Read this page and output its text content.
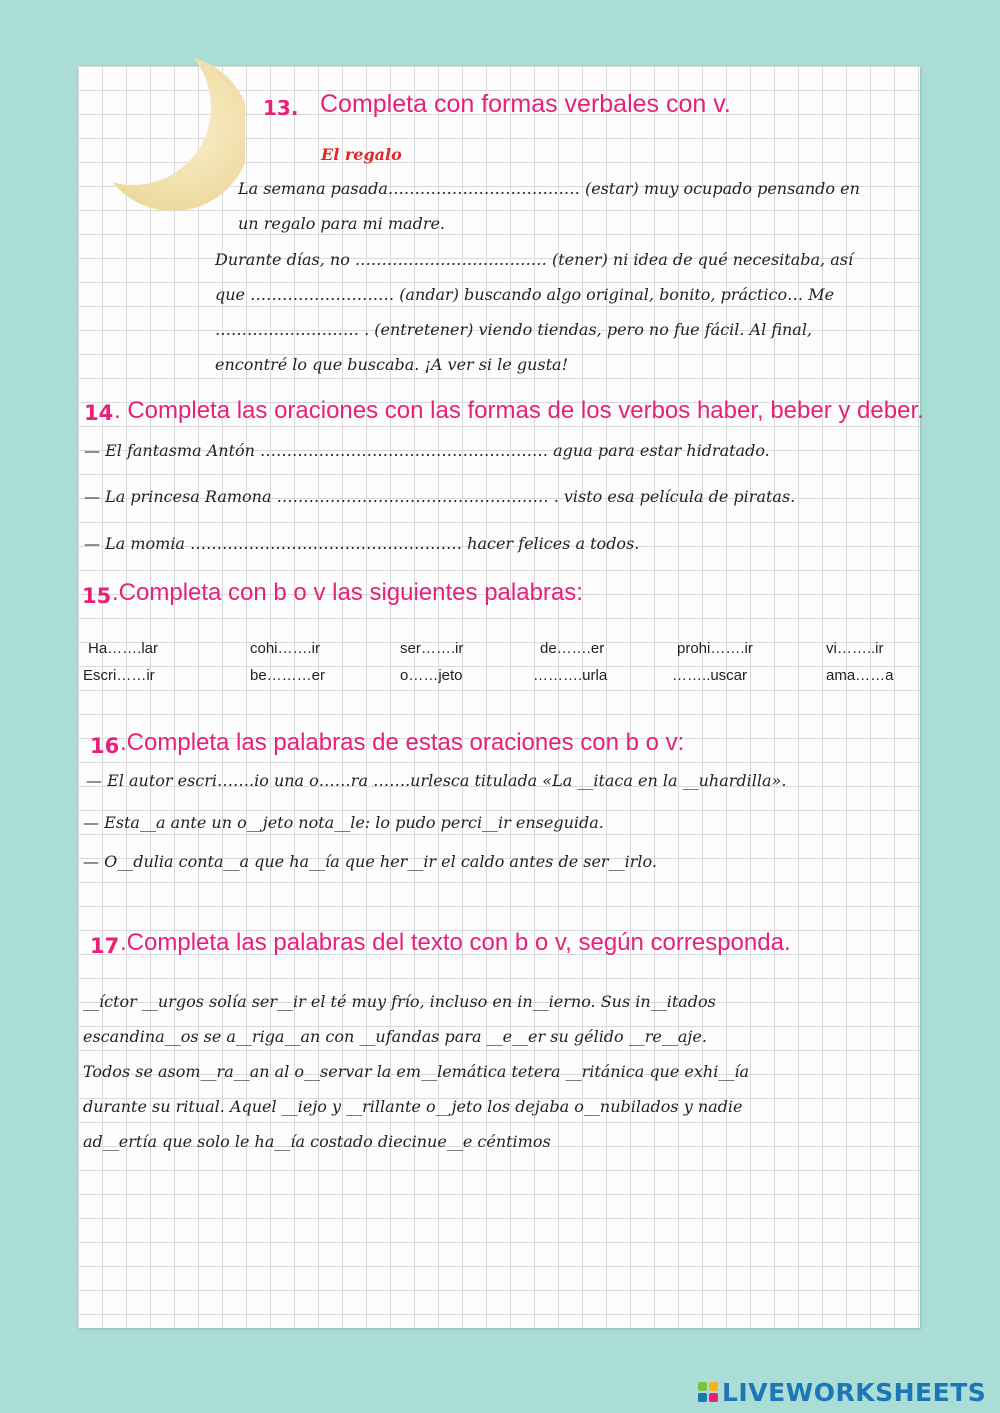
13. Completa con formas verbales con v.
El regalo
La semana pasada……………………………… (estar) muy ocupado pensando en
un regalo para mi madre.
Durante días, no ……………………………… (tener) ni idea de qué necesitaba, así
que ……………………… (andar) buscando algo original, bonito, práctico… Me
……………………… . (entretener) viendo tiendas, pero no fue fácil. Al final,
encontré lo que buscaba. ¡A ver si le gusta!
14 . Completa las oraciones con las formas de los verbos haber, beber y deber.
— El fantasma Antón ……………………………………………… agua para estar hidratado.
— La princesa Ramona …………………………………………… . visto esa película de piratas.
— La momia …………………………………………… hacer felices a todos.
15 .Completa con b o v las siguientes palabras:
Ha…….lar	cohi…….ir	ser…….ir	de…….er	prohi…….ir	vi……..ir
Escri……ir	be………er	o……jeto	……….urla	……..uscar	ama……a
16 .Completa las palabras de estas oraciones con b o v:
— El autor escri…….io una o……ra …….urlesca titulada «La __itaca en la __uhardilla».
— Esta__a ante un o__jeto nota__le: lo pudo perci__ir enseguida.
— O__dulia conta__a que ha__ía que her__ir el caldo antes de ser__irlo.
17 .Completa las palabras del texto con b o v, según corresponda.
__íctor __urgos solía ser__ir el té muy frío, incluso en in__ierno. Sus in__itados
escandina__os se a__riga__an con __ufandas para __e__er su gélido __re__aje.
Todos se asom__ra__an al o__servar la em__lemática tetera __ritánica que exhi__ía
durante su ritual. Aquel __iejo y __rillante o__jeto los dejaba o__nubilados y nadie
ad__ertía que solo le ha__ía costado diecinue__e céntimos
LIVEWORKSHEETS
